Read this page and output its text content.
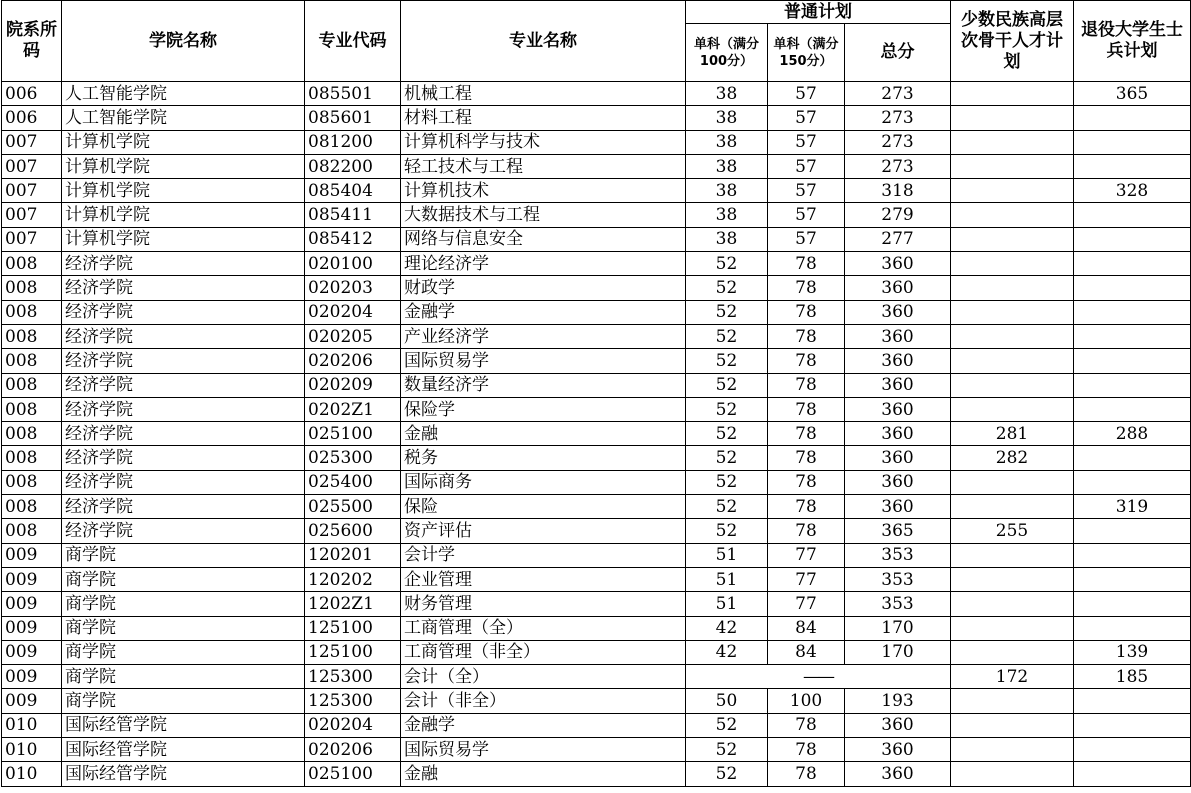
院系所码	学院名称	专业代码	专业名称	普通计划			少数民族高层次骨干人才计划	退役大学生士兵计划
				单科（满分100分）	单科（满分150分）	总分		
006	人工智能学院	085501	机械工程	38	57	273		365
006	人工智能学院	085601	材料工程	38	57	273		
007	计算机学院	081200	计算机科学与技术	38	57	273		
007	计算机学院	082200	轻工技术与工程	38	57	273		
007	计算机学院	085404	计算机技术	38	57	318		328
007	计算机学院	085411	大数据技术与工程	38	57	279		
007	计算机学院	085412	网络与信息安全	38	57	277		
008	经济学院	020100	理论经济学	52	78	360		
008	经济学院	020203	财政学	52	78	360		
008	经济学院	020204	金融学	52	78	360		
008	经济学院	020205	产业经济学	52	78	360		
008	经济学院	020206	国际贸易学	52	78	360		
008	经济学院	020209	数量经济学	52	78	360		
008	经济学院	0202Z1	保险学	52	78	360		
008	经济学院	025100	金融	52	78	360	281	288
008	经济学院	025300	税务	52	78	360	282	
008	经济学院	025400	国际商务	52	78	360		
008	经济学院	025500	保险	52	78	360		319
008	经济学院	025600	资产评估	52	78	365	255	
009	商学院	120201	会计学	51	77	353		
009	商学院	120202	企业管理	51	77	353		
009	商学院	1202Z1	财务管理	51	77	353		
009	商学院	125100	工商管理（全）	42	84	170		
009	商学院	125100	工商管理（非全）	42	84	170		139
009	商学院	125300	会计（全）	——			172	185
009	商学院	125300	会计（非全）	50	100	193		
010	国际经管学院	020204	金融学	52	78	360		
010	国际经管学院	020206	国际贸易学	52	78	360		
010	国际经管学院	025100	金融	52	78	360		
